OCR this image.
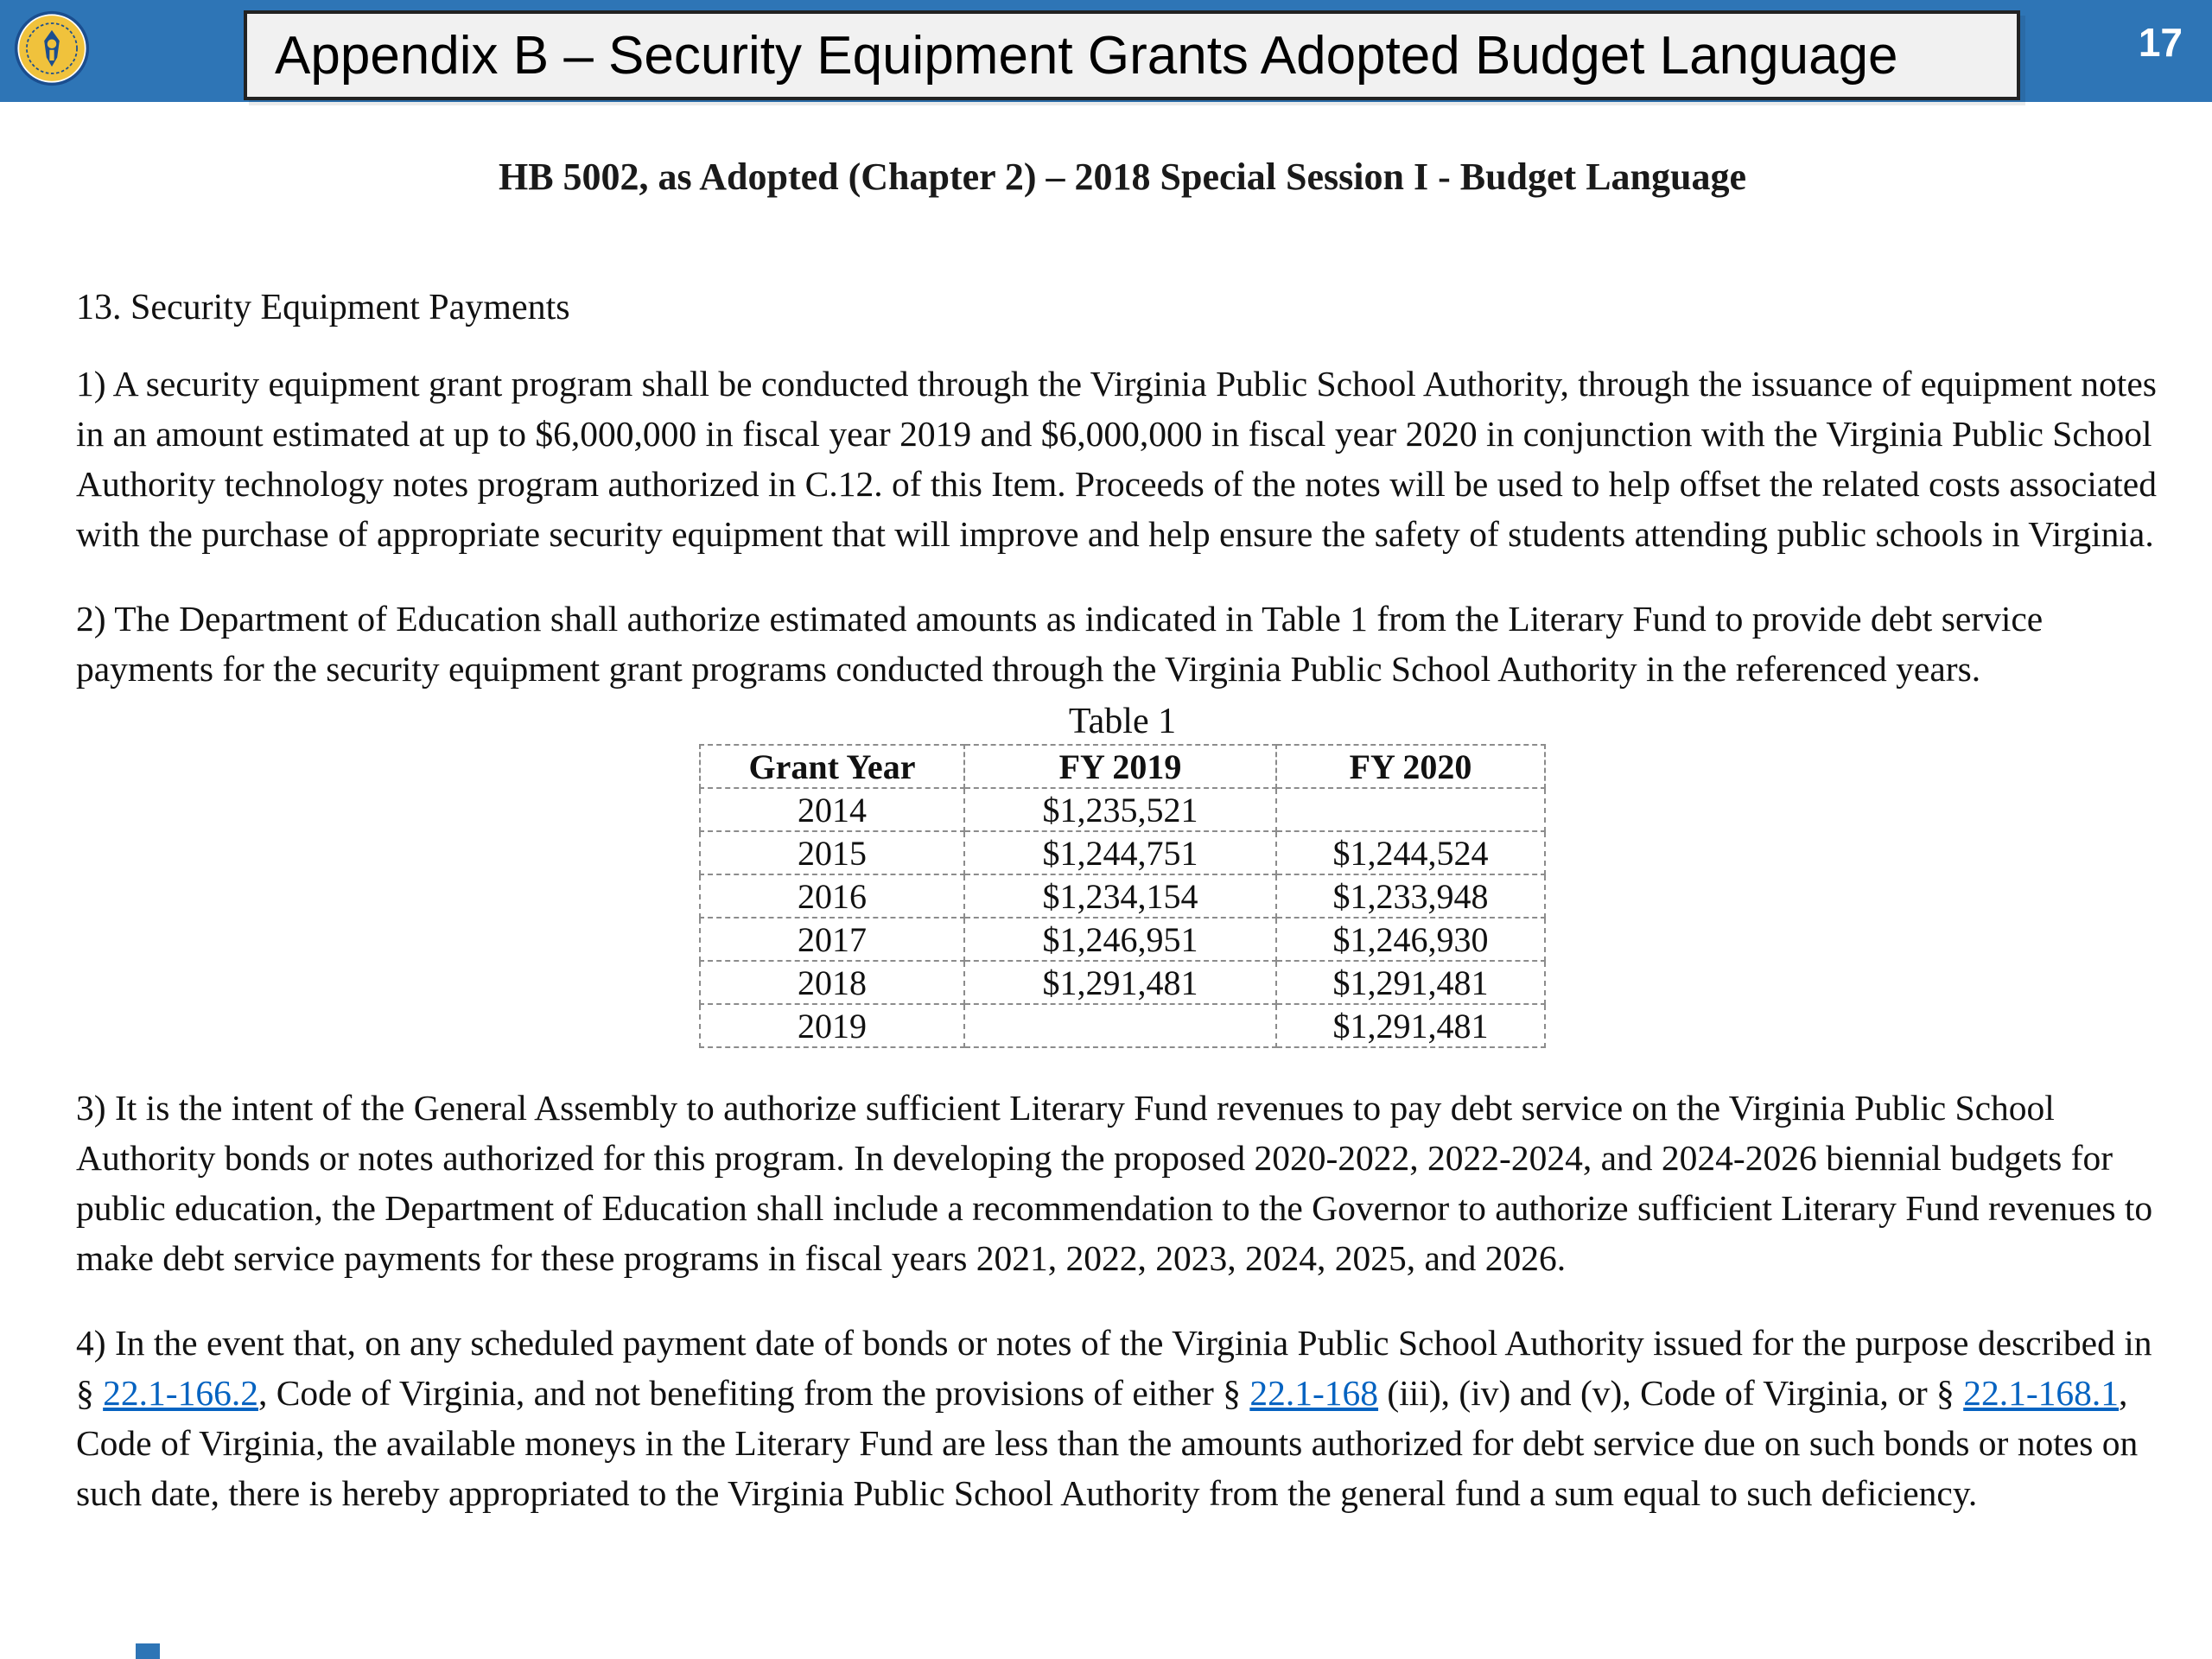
17
Appendix B – Security Equipment Grants Adopted Budget Language
HB 5002, as Adopted (Chapter 2) – 2018 Special Session I - Budget Language
13. Security Equipment Payments

1) A security equipment grant program shall be conducted through the Virginia Public School Authority, through the issuance of equipment notes in an amount estimated at up to $6,000,000 in fiscal year 2019 and $6,000,000 in fiscal year 2020 in conjunction with the Virginia Public School Authority technology notes program authorized in C.12. of this Item. Proceeds of the notes will be used to help offset the related costs associated with the purchase of appropriate security equipment that will improve and help ensure the safety of students attending public schools in Virginia.

2) The Department of Education shall authorize estimated amounts as indicated in Table 1 from the Literary Fund to provide debt service payments for the security equipment grant programs conducted through the Virginia Public School Authority in the referenced years.

Table 1
Grant Year	FY 2019	FY 2020
2014	$1,235,521	
2015	$1,244,751	$1,244,524
2016	$1,234,154	$1,233,948
2017	$1,246,951	$1,246,930
2018	$1,291,481	$1,291,481
2019		$1,291,481

3) It is the intent of the General Assembly to authorize sufficient Literary Fund revenues to pay debt service on the Virginia Public School Authority bonds or notes authorized for this program. In developing the proposed 2020-2022, 2022-2024, and 2024-2026 biennial budgets for public education, the Department of Education shall include a recommendation to the Governor to authorize sufficient Literary Fund revenues to make debt service payments for these programs in fiscal years 2021, 2022, 2023, 2024, 2025, and 2026.

4) In the event that, on any scheduled payment date of bonds or notes of the Virginia Public School Authority issued for the purpose described in § 22.1-166.2, Code of Virginia, and not benefiting from the provisions of either § 22.1-168 (iii), (iv) and (v), Code of Virginia, or § 22.1-168.1, Code of Virginia, the available moneys in the Literary Fund are less than the amounts authorized for debt service due on such bonds or notes on such date, there is hereby appropriated to the Virginia Public School Authority from the general fund a sum equal to such deficiency.
